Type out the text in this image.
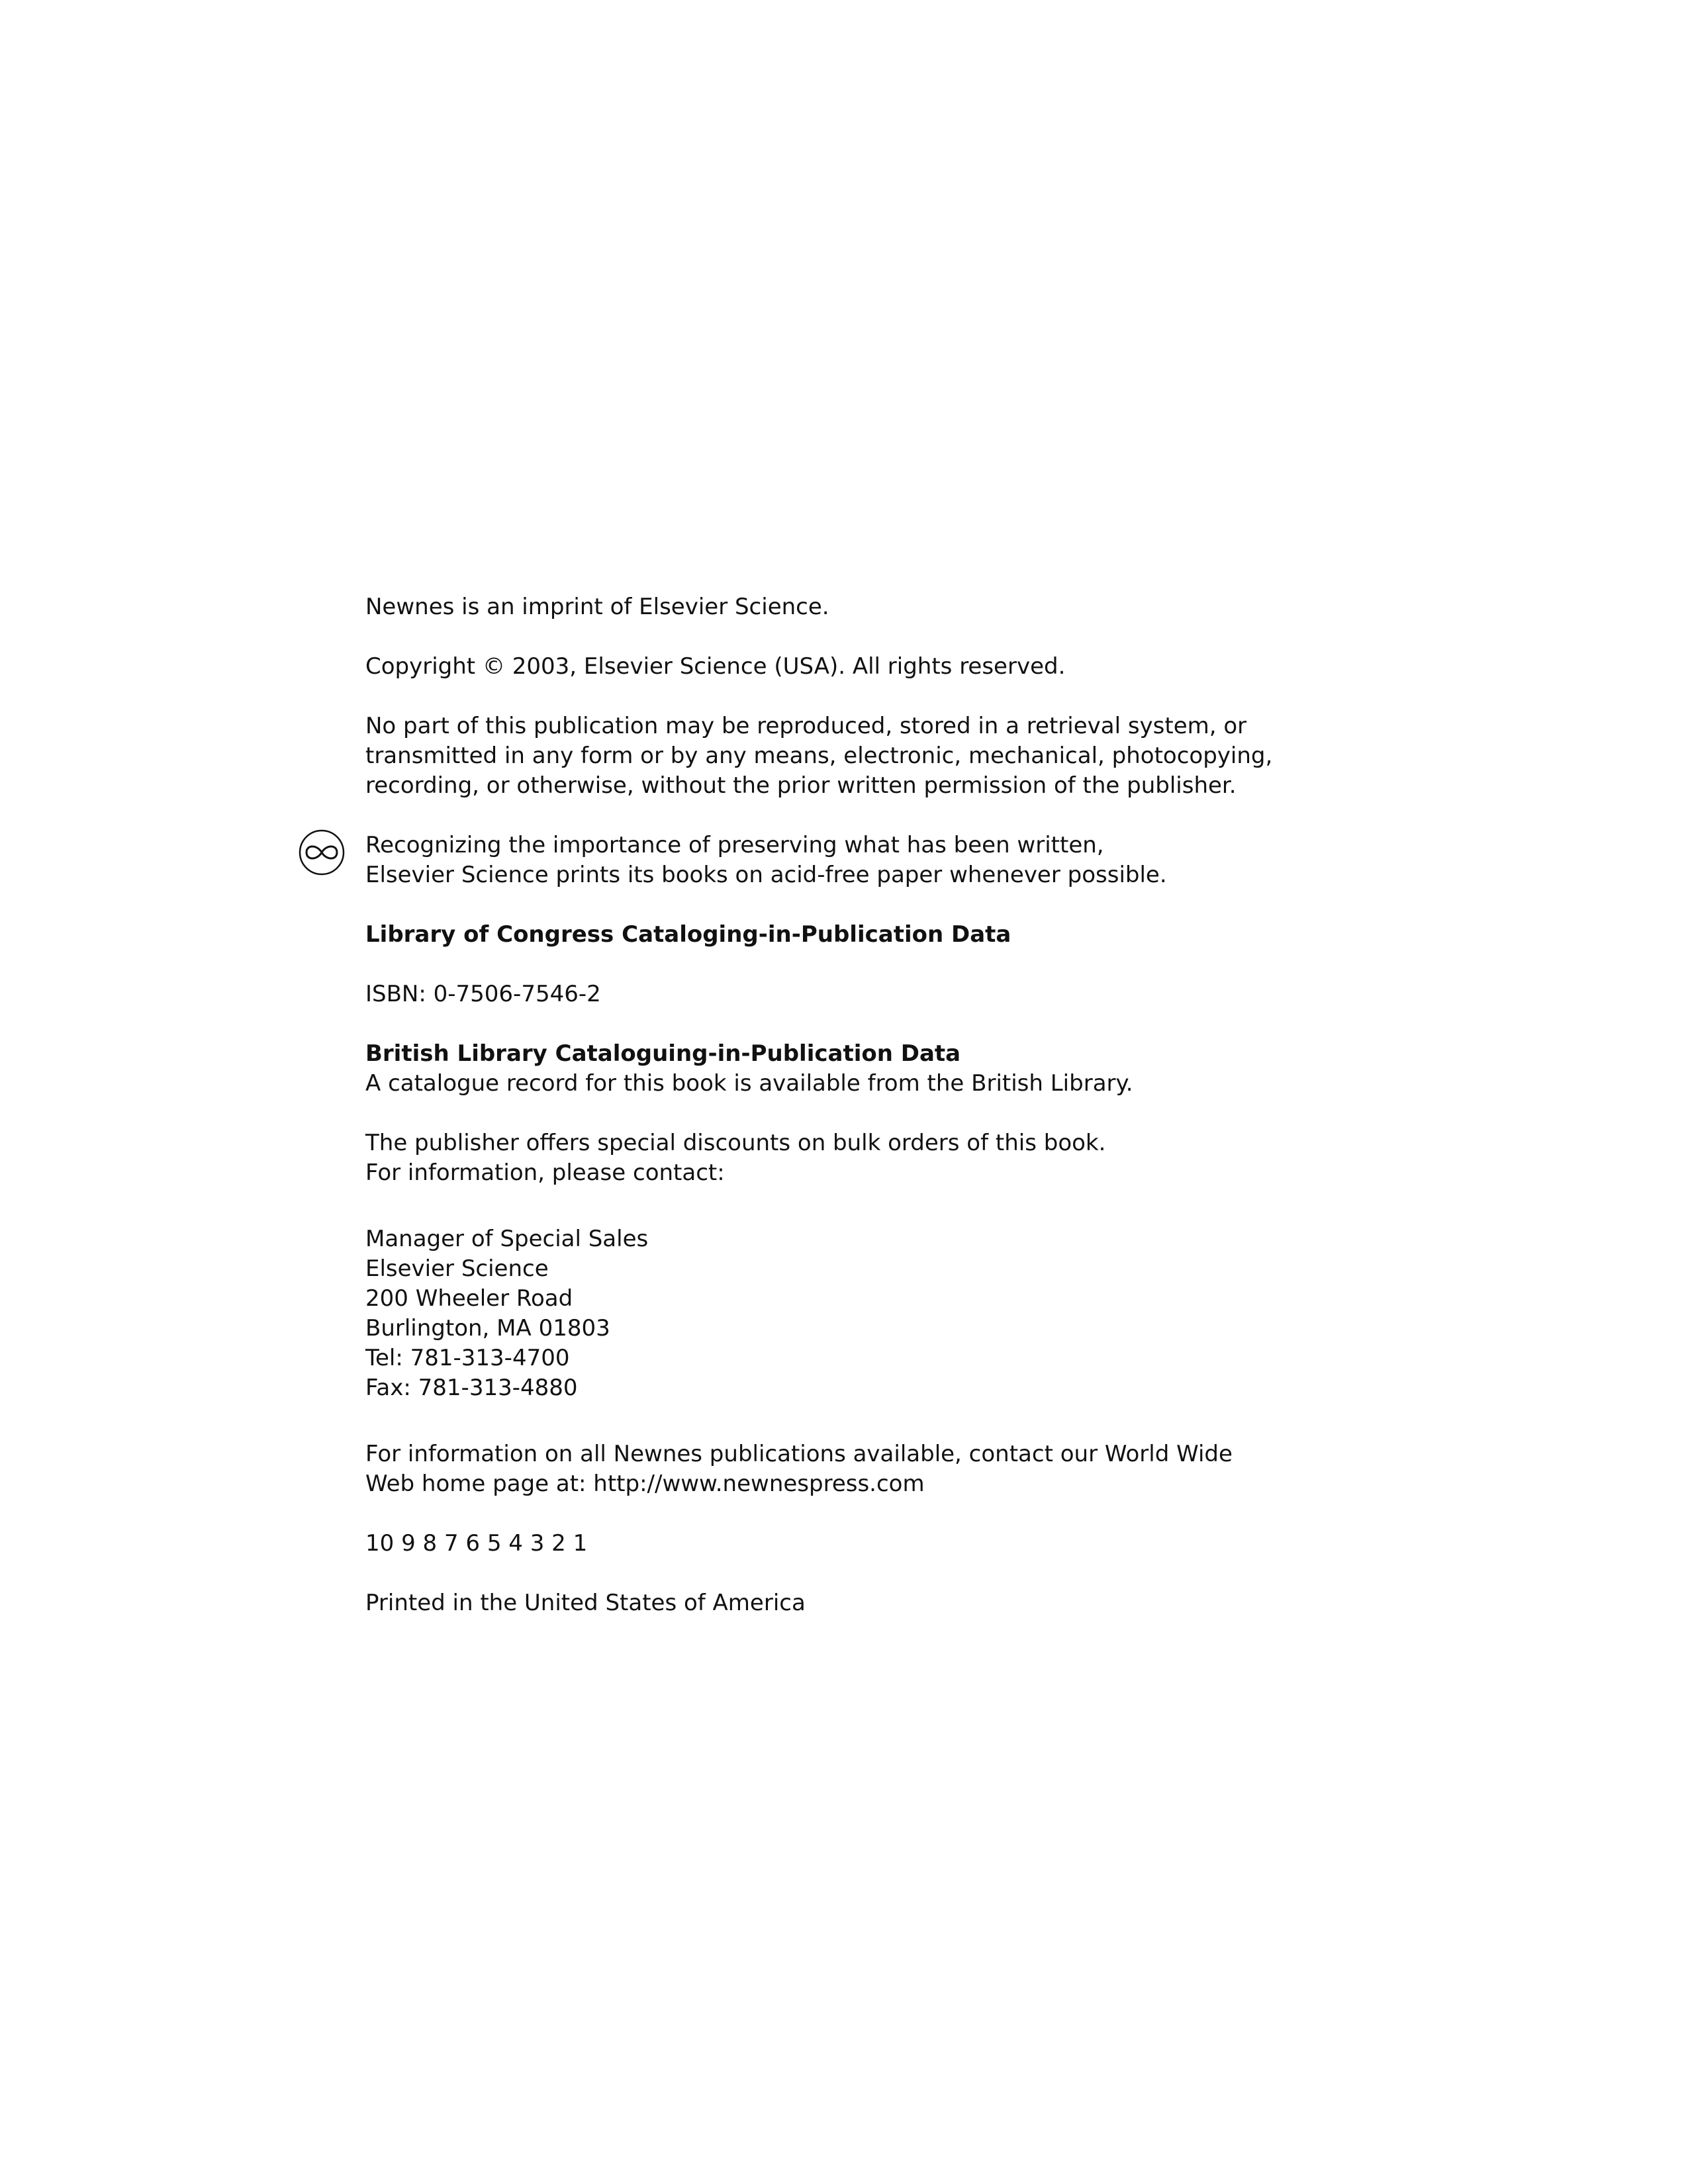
Newnes is an imprint of Elsevier Science.

Copyright © 2003, Elsevier Science (USA). All rights reserved.

No part of this publication may be reproduced, stored in a retrieval system, or
transmitted in any form or by any means, electronic, mechanical, photocopying,
recording, or otherwise, without the prior written permission of the publisher.

Recognizing the importance of preserving what has been written,
Elsevier Science prints its books on acid-free paper whenever possible.

Library of Congress Cataloging-in-Publication Data

ISBN: 0-7506-7546-2

British Library Cataloguing-in-Publication Data
A catalogue record for this book is available from the British Library.

The publisher offers special discounts on bulk orders of this book.
For information, please contact:

Manager of Special Sales
Elsevier Science
200 Wheeler Road
Burlington, MA 01803
Tel: 781-313-4700
Fax: 781-313-4880

For information on all Newnes publications available, contact our World Wide
Web home page at: http://www.newnespress.com

10 9 8 7 6 5 4 3 2 1

Printed in the United States of America
